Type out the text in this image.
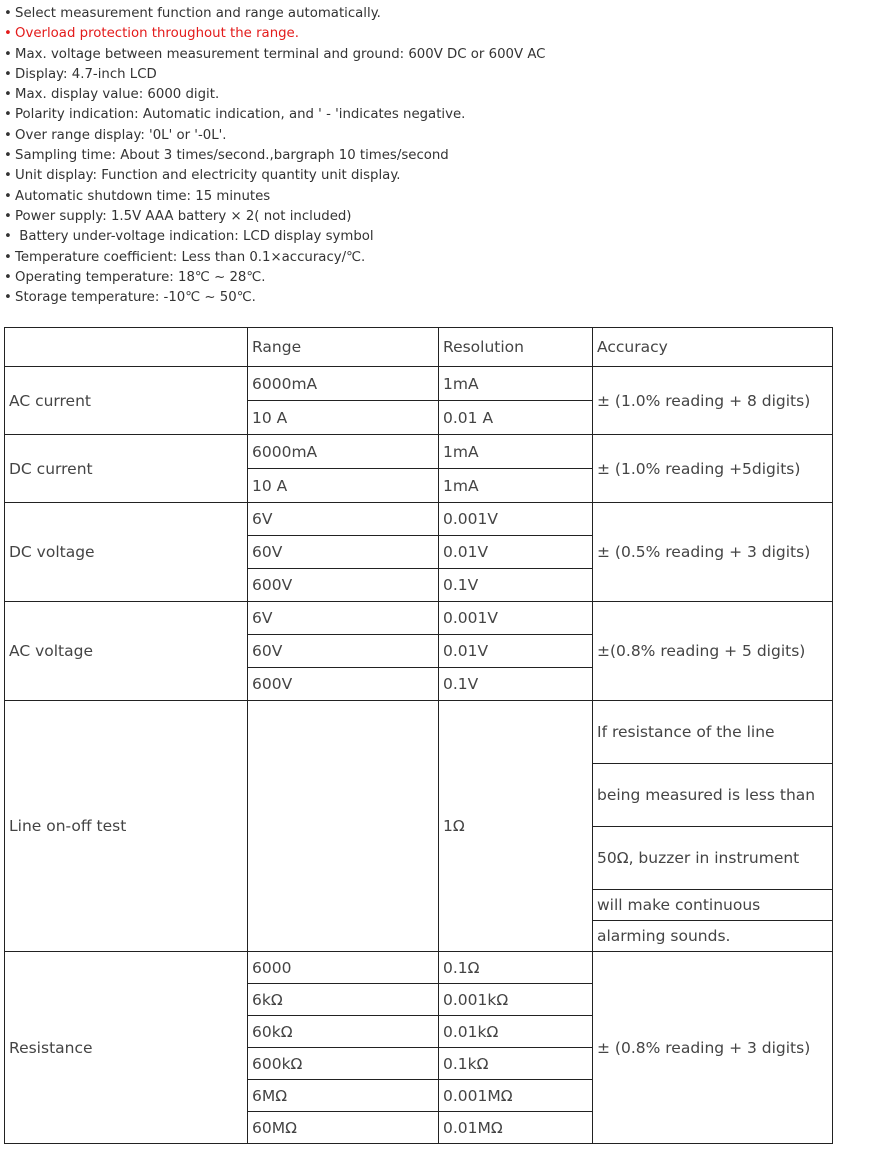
• Select measurement function and range automatically.
• Overload protection throughout the range.
• Max. voltage between measurement terminal and ground: 600V DC or 600V AC
• Display: 4.7-inch LCD
• Max. display value: 6000 digit.
• Polarity indication: Automatic indication, and ' - 'indicates negative.
• Over range display: '0L' or '-0L'.
• Sampling time: About 3 times/second.,bargraph 10 times/second
• Unit display: Function and electricity quantity unit display.
• Automatic shutdown time: 15 minutes
• Power supply: 1.5V AAA battery × 2( not included)
• Battery under-voltage indication: LCD display symbol
• Temperature coefficient: Less than 0.1×accuracy/℃.
• Operating temperature: 18℃ ~ 28℃.
• Storage temperature: -10℃ ~ 50℃.
	Range	Resolution	Accuracy
AC current	6000mA	1mA	± (1.0% reading + 8 digits)
	10 A	0.01 A	
DC current	6000mA	1mA	± (1.0% reading +5digits)
	10 A	1mA	
DC voltage	6V	0.001V	± (0.5% reading + 3 digits)
	60V	0.01V	
	600V	0.1V	
AC voltage	6V	0.001V	±(0.8% reading + 5 digits)
	60V	0.01V	
	600V	0.1V	
Line on-off test		1Ω	If resistance of the line
			being measured is less than
			50Ω, buzzer in instrument
			will make continuous
			alarming sounds.
Resistance	6000	0.1Ω	± (0.8% reading + 3 digits)
	6kΩ	0.001kΩ	
	60kΩ	0.01kΩ	
	600kΩ	0.1kΩ	
	6MΩ	0.001MΩ	
	60MΩ	0.01MΩ	
